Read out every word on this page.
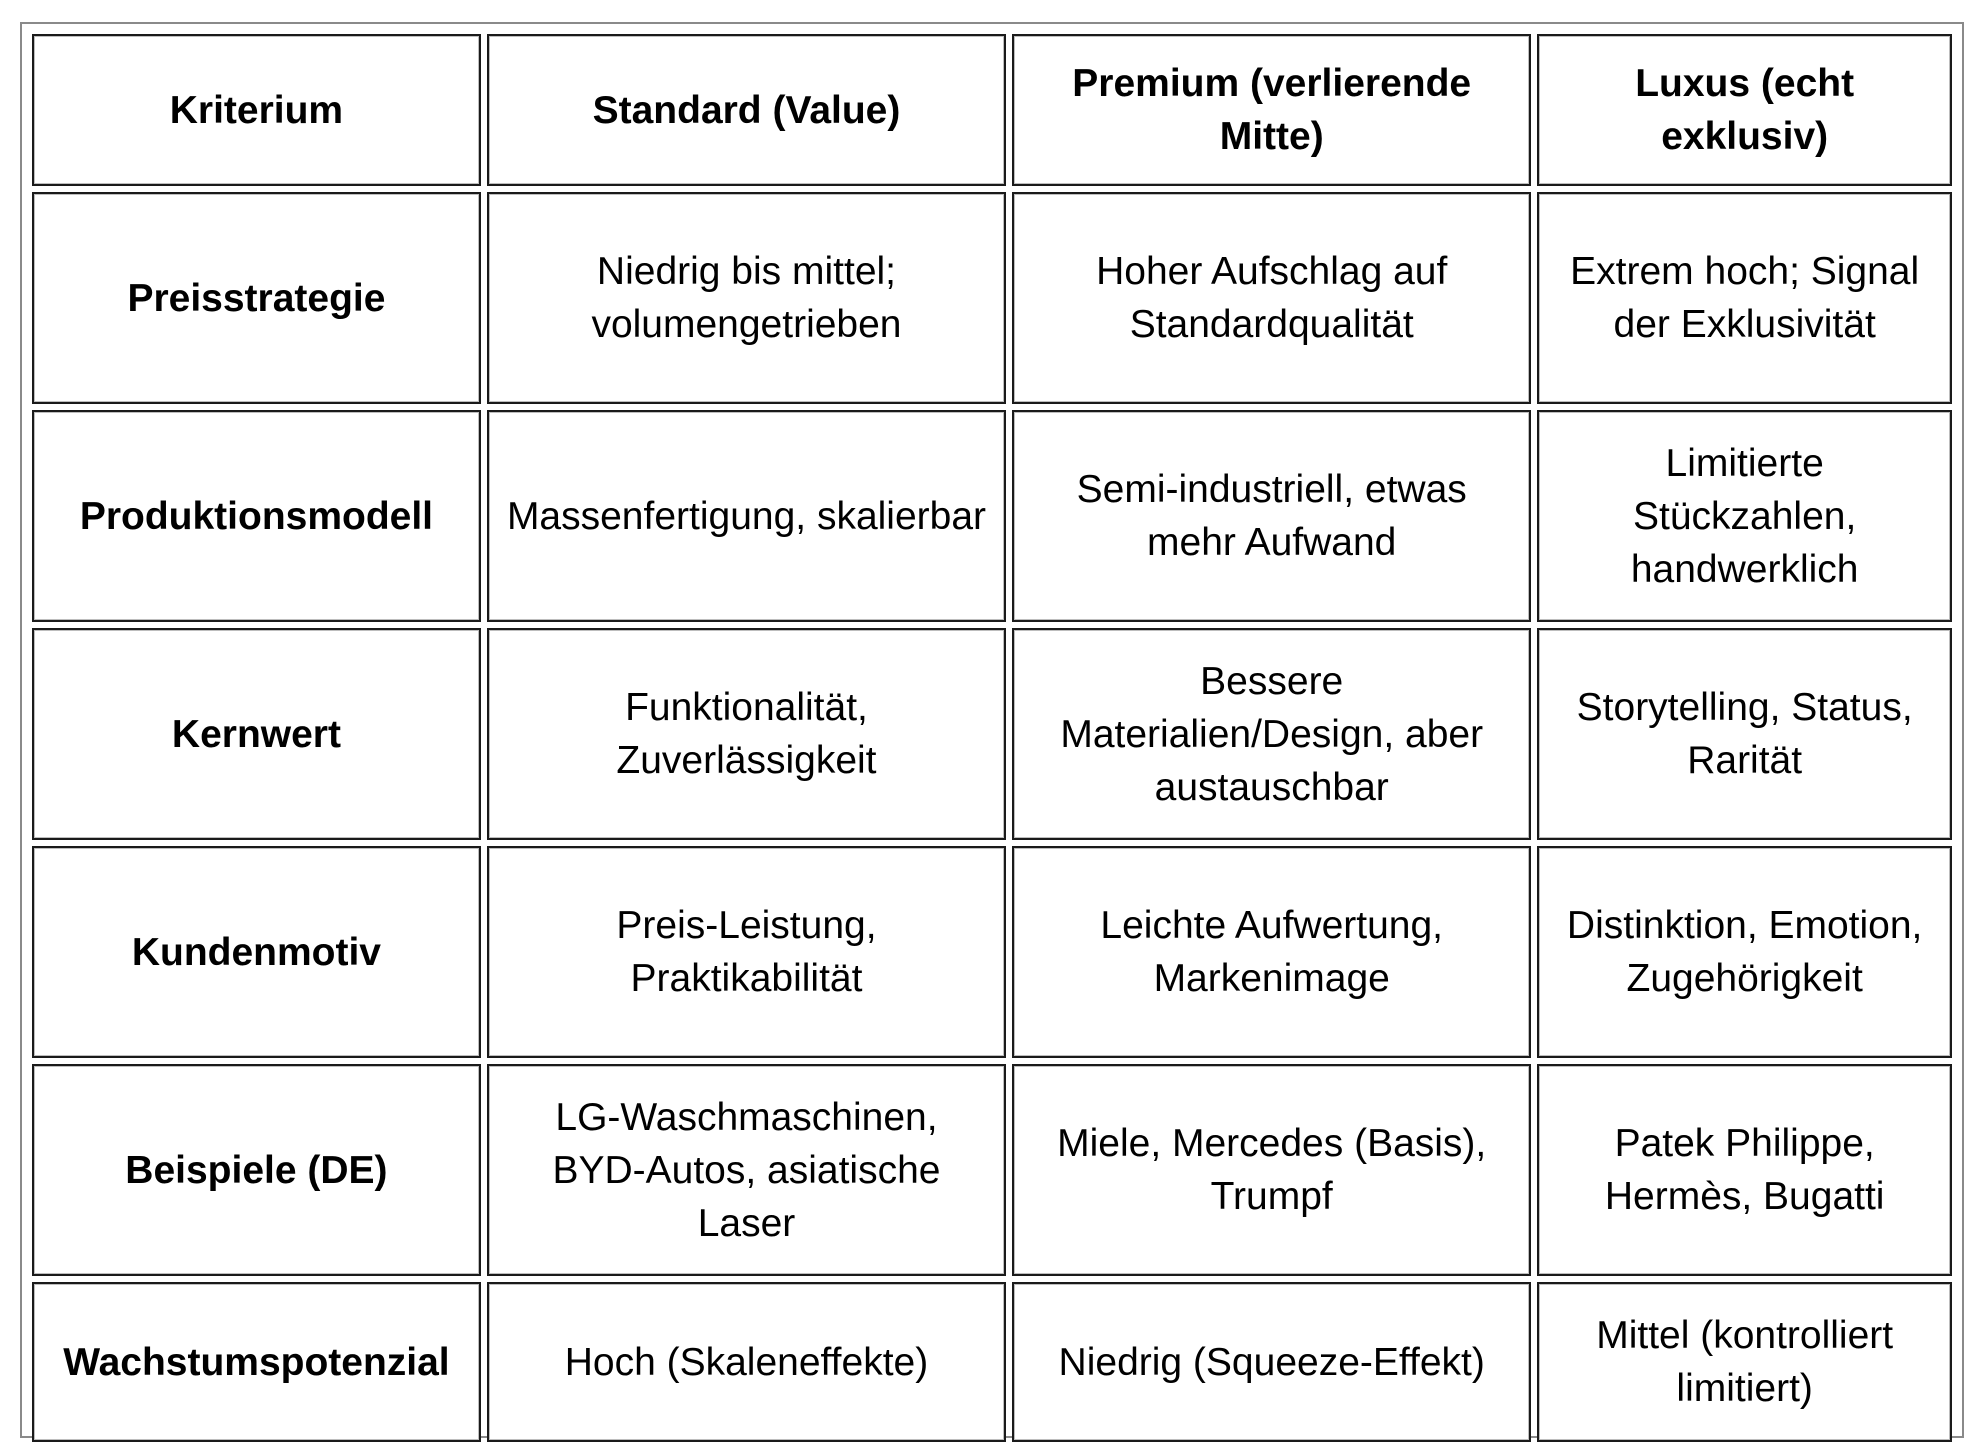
Kriterium	Standard (Value)	Premium (verlierende Mitte)	Luxus (echt exklusiv)
Preisstrategie	Niedrig bis mittel; volumengetrieben	Hoher Aufschlag auf Standardqualität	Extrem hoch; Signal der Exklusivität
Produktionsmodell	Massenfertigung, skalierbar	Semi-industriell, etwas mehr Aufwand	Limitierte Stückzahlen, handwerklich
Kernwert	Funktionalität, Zuverlässigkeit	Bessere Materialien/Design, aber austauschbar	Storytelling, Status, Rarität
Kundenmotiv	Preis-Leistung, Praktikabilität	Leichte Aufwertung, Markenimage	Distinktion, Emotion, Zugehörigkeit
Beispiele (DE)	LG-Waschmaschinen, BYD-Autos, asiatische Laser	Miele, Mercedes (Basis), Trumpf	Patek Philippe, Hermès, Bugatti
Wachstumspotenzial	Hoch (Skaleneffekte)	Niedrig (Squeeze-Effekt)	Mittel (kontrolliert limitiert)
